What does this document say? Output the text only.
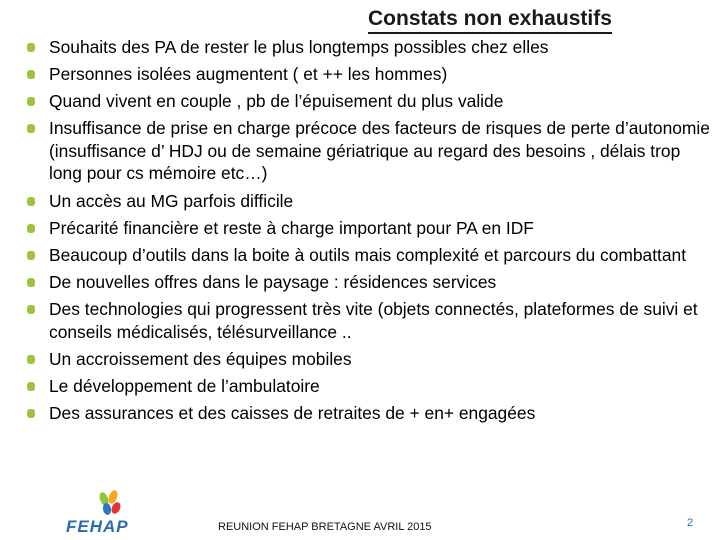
Constats non exhaustifs
Souhaits des PA de rester le plus longtemps possibles chez elles
Personnes isolées augmentent ( et ++ les hommes)
Quand vivent en couple , pb de l’épuisement du plus valide
Insuffisance de prise en charge précoce des facteurs de risques de perte d’autonomie (insuffisance d’ HDJ ou de semaine gériatrique au regard des besoins , délais trop long pour cs mémoire etc…)
Un accès au MG parfois difficile
Précarité financière et reste à charge important pour PA en IDF
Beaucoup d’outils dans la boite à outils mais complexité et parcours du combattant
De nouvelles offres dans le paysage : résidences services
Des technologies qui progressent très vite (objets connectés, plateformes de suivi et conseils médicalisés, télésurveillance ..
Un accroissement des équipes mobiles
Le développement de l’ambulatoire
Des assurances et des caisses de retraites de + en+ engagées
FEHAP	REUNION FEHAP BRETAGNE AVRIL 2015	2
